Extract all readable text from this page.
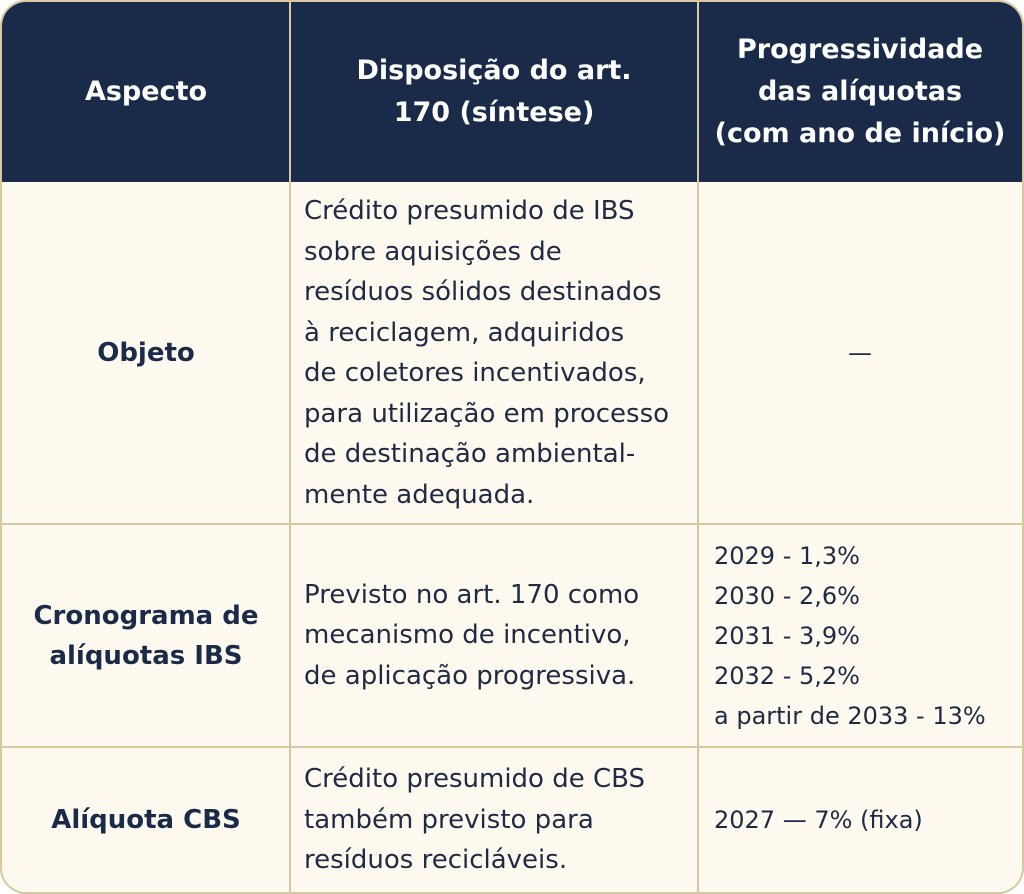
Aspecto
Disposição do art.
170 (síntese)
Progressividade
das alíquotas
(com ano de início)
Objeto
Crédito presumido de IBS
sobre aquisições de
resíduos sólidos destinados
à reciclagem, adquiridos
de coletores incentivados,
para utilização em processo
de destinação ambiental-
mente adequada.
—
Cronograma de
alíquotas IBS
Previsto no art. 170 como
mecanismo de incentivo,
de aplicação progressiva.
2029 - 1,3%
2030 - 2,6%
2031 - 3,9%
2032 - 5,2%
a partir de 2033 - 13%
Alíquota CBS
Crédito presumido de CBS
também previsto para
resíduos recicláveis.
2027 — 7% (fixa)
